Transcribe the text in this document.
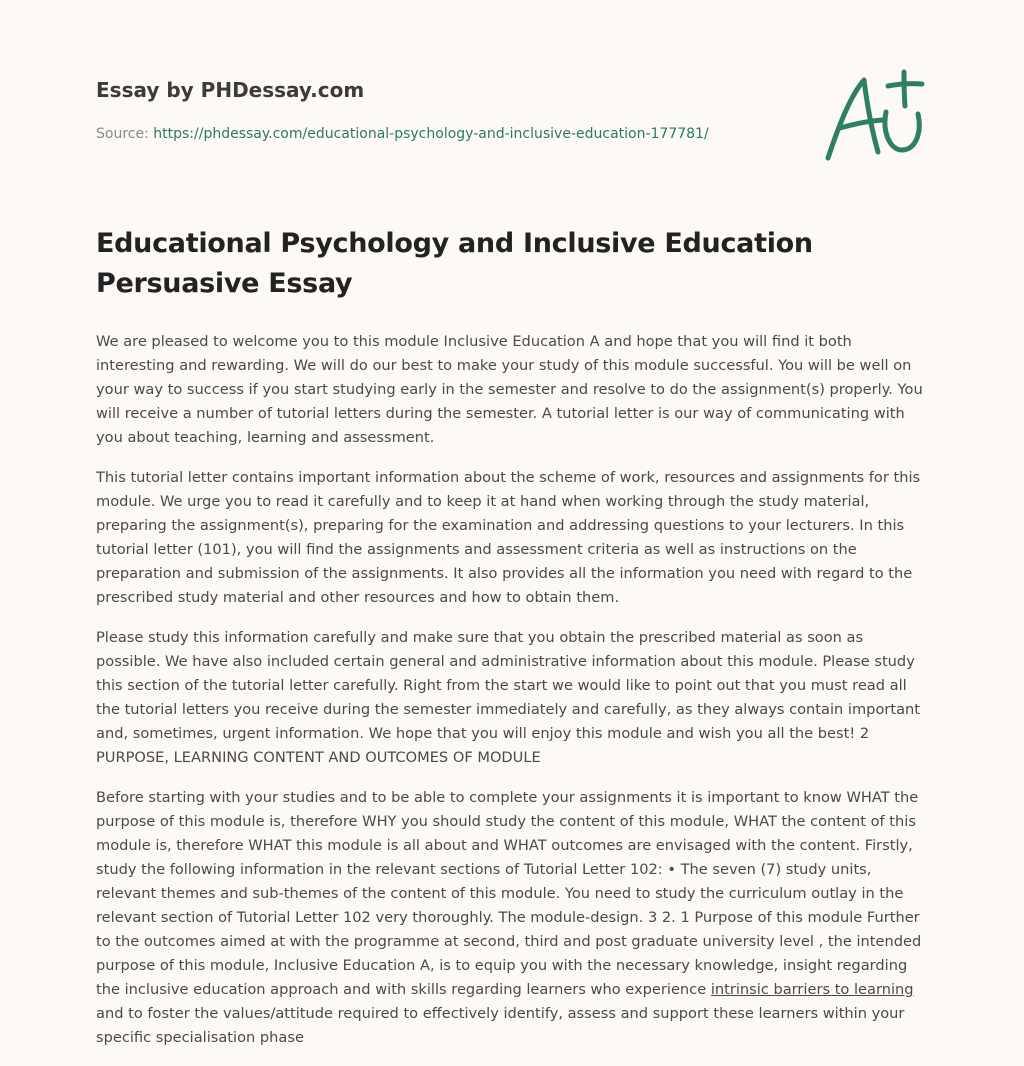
Essay by PHDessay.com
Source: https://phdessay.com/educational-psychology-and-inclusive-education-177781/
Educational Psychology and Inclusive Education Persuasive Essay

We are pleased to welcome you to this module Inclusive Education A and hope that you will find it both interesting and rewarding. We will do our best to make your study of this module successful. You will be well on your way to success if you start studying early in the semester and resolve to do the assignment(s) properly. You will receive a number of tutorial letters during the semester. A tutorial letter is our way of communicating with you about teaching, learning and assessment.

This tutorial letter contains important information about the scheme of work, resources and assignments for this module. We urge you to read it carefully and to keep it at hand when working through the study material, preparing the assignment(s), preparing for the examination and addressing questions to your lecturers. In this tutorial letter (101), you will find the assignments and assessment criteria as well as instructions on the preparation and submission of the assignments. It also provides all the information you need with regard to the prescribed study material and other resources and how to obtain them.

Please study this information carefully and make sure that you obtain the prescribed material as soon as possible. We have also included certain general and administrative information about this module. Please study this section of the tutorial letter carefully. Right from the start we would like to point out that you must read all the tutorial letters you receive during the semester immediately and carefully, as they always contain important and, sometimes, urgent information. We hope that you will enjoy this module and wish you all the best! 2 PURPOSE, LEARNING CONTENT AND OUTCOMES OF MODULE

Before starting with your studies and to be able to complete your assignments it is important to know WHAT the purpose of this module is, therefore WHY you should study the content of this module, WHAT the content of this module is, therefore WHAT this module is all about and WHAT outcomes are envisaged with the content. Firstly, study the following information in the relevant sections of Tutorial Letter 102: • The seven (7) study units, relevant themes and sub-themes of the content of this module. You need to study the curriculum outlay in the relevant section of Tutorial Letter 102 very thoroughly. The module-design. 3 2. 1 Purpose of this module Further to the outcomes aimed at with the programme at second, third and post graduate university level , the intended purpose of this module, Inclusive Education A, is to equip you with the necessary knowledge, insight regarding the inclusive education approach and with skills regarding learners who experience intrinsic barriers to learning and to foster the values/attitude required to effectively identify, assess and support these learners within your specific specialisation phase
